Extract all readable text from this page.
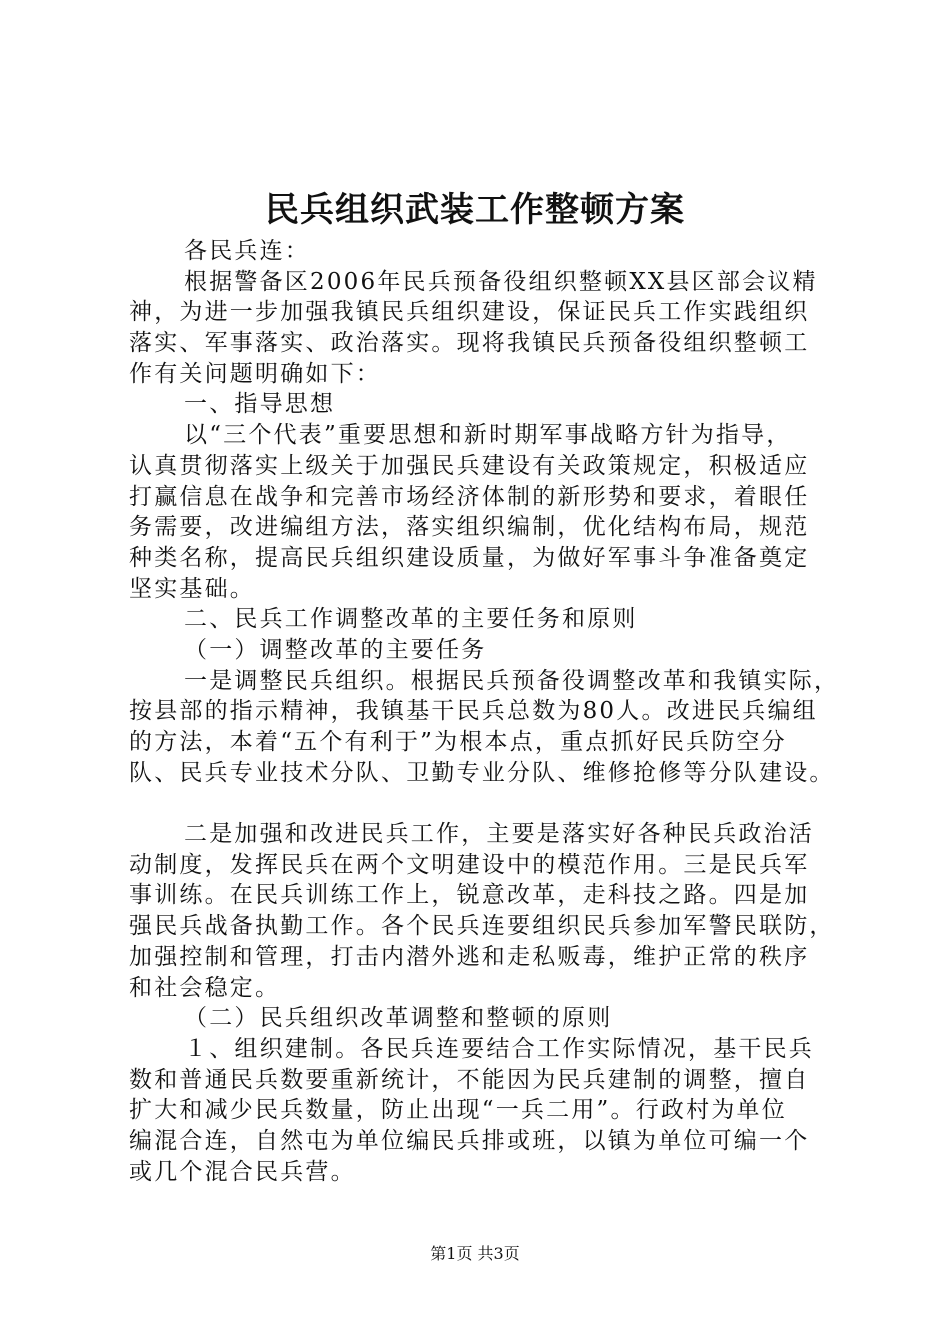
民兵组织武装工作整顿方案

各民兵连：

根据警备区2006年民兵预备役组织整顿XX县区部会议精

神，为进一步加强我镇民兵组织建设，保证民兵工作实践组织

落实、军事落实、政治落实。现将我镇民兵预备役组织整顿工

作有关问题明确如下：

一、指导思想

以“三个代表”重要思想和新时期军事战略方针为指导，

认真贯彻落实上级关于加强民兵建设有关政策规定，积极适应

打赢信息在战争和完善市场经济体制的新形势和要求，着眼任

务需要，改进编组方法，落实组织编制，优化结构布局，规范

种类名称，提高民兵组织建设质量，为做好军事斗争准备奠定

坚实基础。

二、民兵工作调整改革的主要任务和原则

（一）调整改革的主要任务

一是调整民兵组织。根据民兵预备役调整改革和我镇实际，

按县部的指示精神，我镇基干民兵总数为80人。改进民兵编组

的方法，本着“五个有利于”为根本点，重点抓好民兵防空分

队、民兵专业技术分队、卫勤专业分队、维修抢修等分队建设。

二是加强和改进民兵工作，主要是落实好各种民兵政治活

动制度，发挥民兵在两个文明建设中的模范作用。三是民兵军

事训练。在民兵训练工作上，锐意改革，走科技之路。四是加

强民兵战备执勤工作。各个民兵连要组织民兵参加军警民联防，

加强控制和管理，打击内潜外逃和走私贩毒，维护正常的秩序

和社会稳定。

（二）民兵组织改革调整和整顿的原则

１、组织建制。各民兵连要结合工作实际情况，基干民兵

数和普通民兵数要重新统计，不能因为民兵建制的调整，擅自

扩大和减少民兵数量，防止出现“一兵二用”。行政村为单位

编混合连，自然屯为单位编民兵排或班，以镇为单位可编一个

或几个混合民兵营。

第1页 共3页
